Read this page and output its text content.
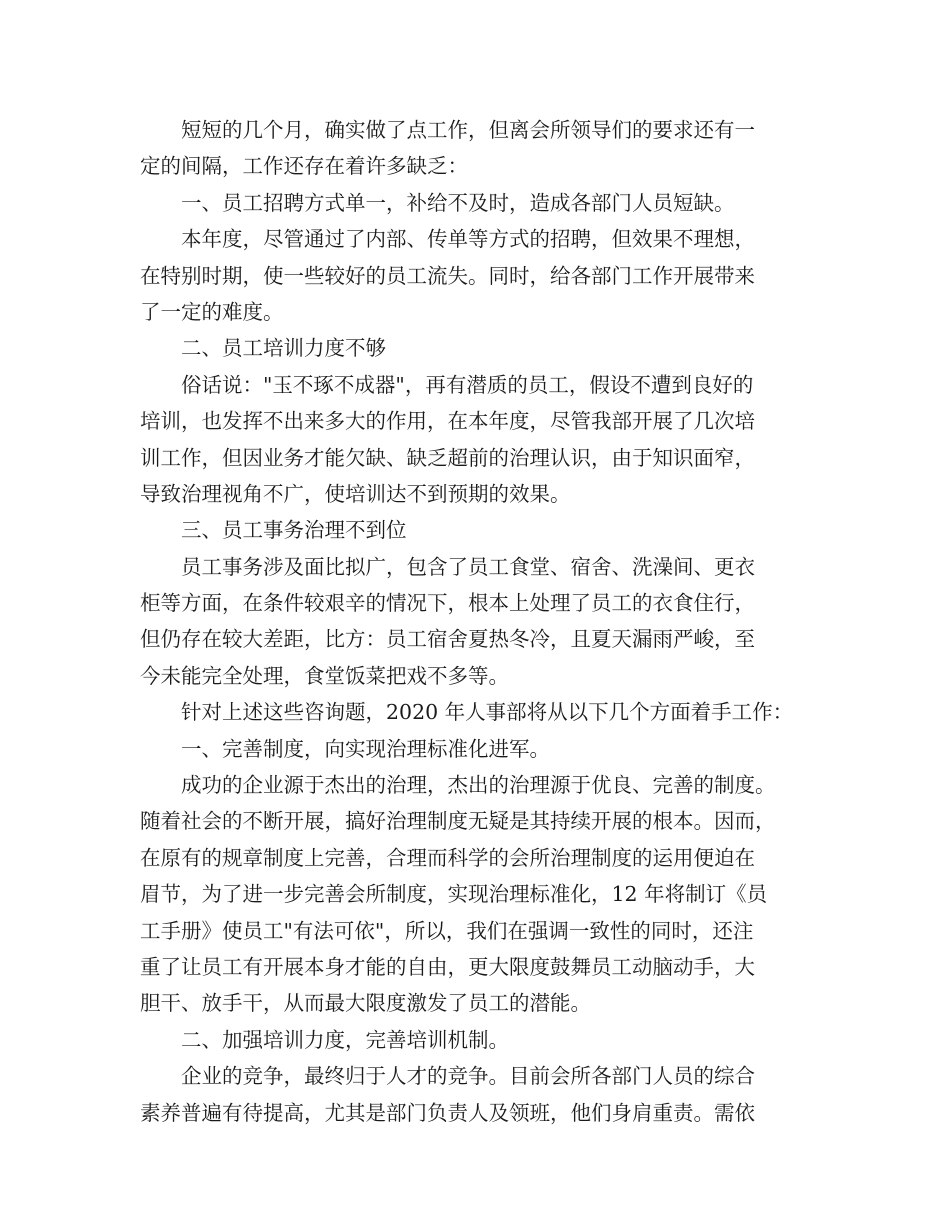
短短的几个月，确实做了点工作，但离会所领导们的要求还有一
定的间隔，工作还存在着许多缺乏：
一、员工招聘方式单一，补给不及时，造成各部门人员短缺。
本年度，尽管通过了内部、传单等方式的招聘，但效果不理想，
在特别时期，使一些较好的员工流失。同时，给各部门工作开展带来
了一定的难度。
二、员工培训力度不够
俗话说："玉不琢不成器"，再有潜质的员工，假设不遭到良好的
培训，也发挥不出来多大的作用，在本年度，尽管我部开展了几次培
训工作，但因业务才能欠缺、缺乏超前的治理认识，由于知识面窄，
导致治理视角不广，使培训达不到预期的效果。
三、员工事务治理不到位
员工事务涉及面比拟广，包含了员工食堂、宿舍、洗澡间、更衣
柜等方面，在条件较艰辛的情况下，根本上处理了员工的衣食住行，
但仍存在较大差距，比方：员工宿舍夏热冬冷，且夏天漏雨严峻，至
今未能完全处理，食堂饭菜把戏不多等。
针对上述这些咨询题，2020 年人事部将从以下几个方面着手工作：
一、完善制度，向实现治理标准化进军。
成功的企业源于杰出的治理，杰出的治理源于优良、完善的制度。
随着社会的不断开展，搞好治理制度无疑是其持续开展的根本。因而，
在原有的规章制度上完善，合理而科学的会所治理制度的运用便迫在
眉节，为了进一步完善会所制度，实现治理标准化，12 年将制订《员
工手册》使员工"有法可依"，所以，我们在强调一致性的同时，还注
重了让员工有开展本身才能的自由，更大限度鼓舞员工动脑动手，大
胆干、放手干，从而最大限度激发了员工的潜能。
二、加强培训力度，完善培训机制。
企业的竞争，最终归于人才的竞争。目前会所各部门人员的综合
素养普遍有待提高，尤其是部门负责人及领班，他们身肩重责。需依
